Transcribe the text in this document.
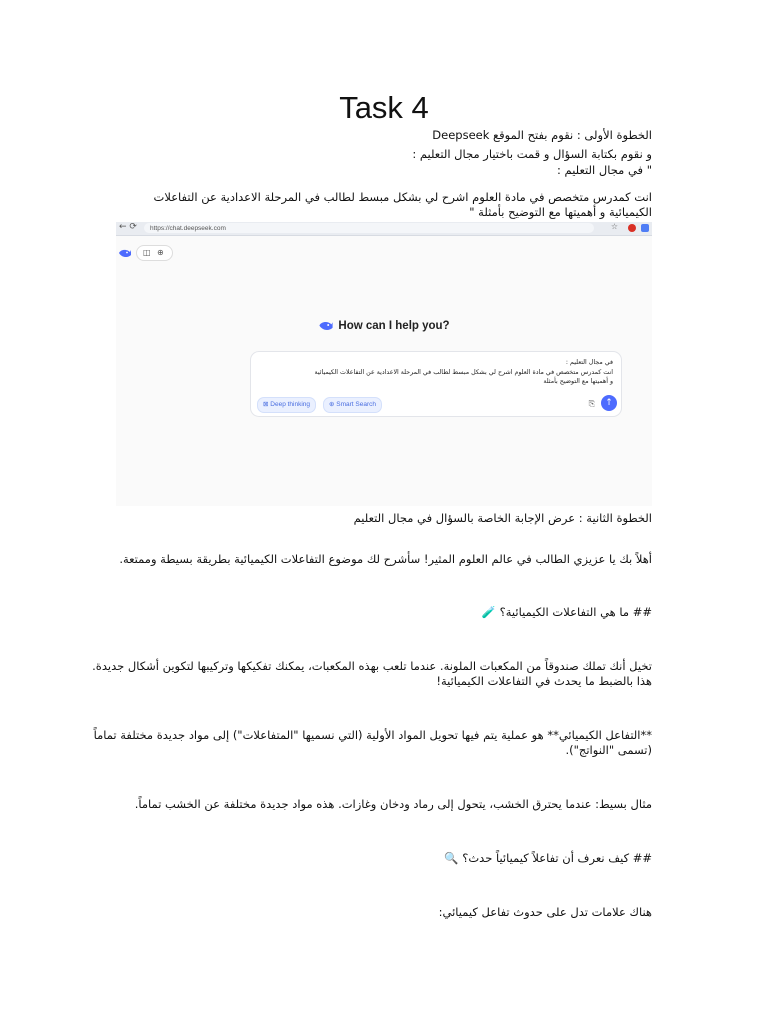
Task 4
الخطوة الأولى : نقوم بفتح الموقع Deepseek
و نقوم بكتابة السؤال و قمت باختيار مجال التعليم :
" في مجال التعليم :
انت كمدرس متخصص في مادة العلوم اشرح لي بشكل مبسط لطالب في المرحلة الاعدادية عن التفاعلات الكيميائية و أهميتها مع التوضيح بأمثلة "
← ⟳ https://chat.deepseek.com	☆
◫ ⊕
How can I help you?
في مجال التعليم :
انت كمدرس متخصص في مادة العلوم اشرح لي بشكل مبسط لطالب في المرحلة الاعدادية عن التفاعلات الكيميائية
و أهميتها مع التوضيح بأمثلة
⊠ Deep thinking	⊕ Smart Search	⎘	↑
الخطوة الثانية : عرض الإجابة الخاصة بالسؤال في مجال التعليم
أهلاً بك يا عزيزي الطالب في عالم العلوم المثير! سأشرح لك موضوع التفاعلات الكيميائية بطريقة بسيطة وممتعة.
## ما هي التفاعلات الكيميائية؟ 🧪
تخيل أنك تملك صندوقاً من المكعبات الملونة. عندما تلعب بهذه المكعبات، يمكنك تفكيكها وتركيبها لتكوين أشكال جديدة. هذا بالضبط ما يحدث في التفاعلات الكيميائية!
**التفاعل الكيميائي** هو عملية يتم فيها تحويل المواد الأولية (التي نسميها "المتفاعلات") إلى مواد جديدة مختلفة تماماً (تسمى "النواتج").
مثال بسيط: عندما يحترق الخشب، يتحول إلى رماد ودخان وغازات. هذه مواد جديدة مختلفة عن الخشب تماماً.
## كيف نعرف أن تفاعلاً كيميائياً حدث؟ 🔍
هناك علامات تدل على حدوث تفاعل كيميائي:
